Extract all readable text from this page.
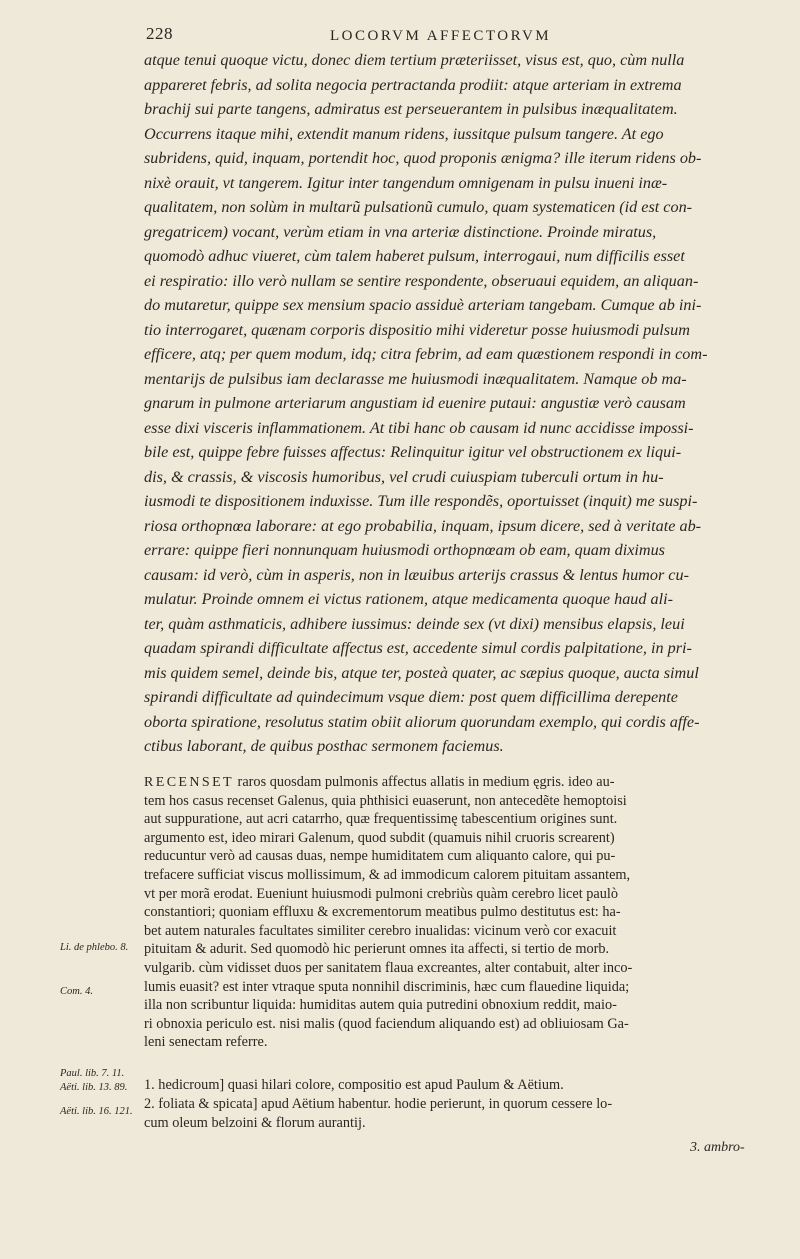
228	LOCORVM AFFECTORVM
atque tenui quoque victu, donec diem tertium præteriisset, visus est, quo, cùm nulla
appareret febris, ad solita negocia pertractanda prodiit: atque arteriam in extrema
brachij sui parte tangens, admiratus est perseuerantem in pulsibus inæqualitatem.
Occurrens itaque mihi, extendit manum ridens, iussitque pulsum tangere. At ego
subridens, quid, inquam, portendit hoc, quod proponis ænigma? ille iterum ridens ob-
nixè orauit, vt tangerem. Igitur inter tangendum omnigenam in pulsu inueni inæ-
qualitatem, non solùm in multarũ pulsationũ cumulo, quam systematicen (id est con-
gregatricem) vocant, verùm etiam in vna arteriæ distinctione. Proinde miratus,
quomodò adhuc viueret, cùm talem haberet pulsum, interrogaui, num difficilis esset
ei respiratio: illo verò nullam se sentire respondente, obseruaui equidem, an aliquan-
do mutaretur, quippe sex mensium spacio assiduè arteriam tangebam. Cumque ab ini-
tio interrogaret, quænam corporis dispositio mihi videretur posse huiusmodi pulsum
efficere, atq; per quem modum, idq; citra febrim, ad eam quæstionem respondi in com-
mentarijs de pulsibus iam declarasse me huiusmodi inæqualitatem. Namque ob ma-
gnarum in pulmone arteriarum angustiam id euenire putaui: angustiæ verò causam
esse dixi visceris inflammationem. At tibi hanc ob causam id nunc accidisse impossi-
bile est, quippe febre fuisses affectus: Relinquitur igitur vel obstructionem ex liqui-
dis, & crassis, & viscosis humoribus, vel crudi cuiuspiam tuberculi ortum in hu-
iusmodi te dispositionem induxisse. Tum ille respondẽs, oportuisset (inquit) me suspi-
riosa orthopnœa laborare: at ego probabilia, inquam, ipsum dicere, sed à veritate ab-
errare: quippe fieri nonnunquam huiusmodi orthopnœam ob eam, quam diximus
causam: id verò, cùm in asperis, non in læuibus arterijs crassus & lentus humor cu-
mulatur. Proinde omnem ei victus rationem, atque medicamenta quoque haud ali-
ter, quàm asthmaticis, adhibere iussimus: deinde sex (vt dixi) mensibus elapsis, leui
quadam spirandi difficultate affectus est, accedente simul cordis palpitatione, in pri-
mis quidem semel, deinde bis, atque ter, posteà quater, ac sæpius quoque, aucta simul
spirandi difficultate ad quindecimum vsque diem: post quem difficillima derepente
oborta spiratione, resolutus statim obiit aliorum quorundam exemplo, qui cordis affe-
ctibus laborant, de quibus posthac sermonem faciemus.
RECENSET raros quosdam pulmonis affectus allatis in medium ęgris. ideo au-
tem hos casus recenset Galenus, quia phthisici euaserunt, non antecedẽte hemoptoisi
aut suppuratione, aut acri catarrho, quæ frequentissimę tabescentium origines sunt.
argumento est, ideo mirari Galenum, quod subdit (quamuis nihil cruoris screarent)
reducuntur verò ad causas duas, nempe humiditatem cum aliquanto calore, qui pu-
trefacere sufficiat viscus mollissimum, & ad immodicum calorem pituitam assantem,
vt per morã erodat. Eueniunt huiusmodi pulmoni crebriùs quàm cerebro licet paulò
constantiori; quoniam effluxu & excrementorum meatibus pulmo destitutus est: ha-
bet autem naturales facultates similiter cerebro inualidas: vicinum verò cor exacuit
pituitam & adurit. Sed quomodò hic perierunt omnes ita affecti, si tertio de morb.
vulgarib. cùm vidisset duos per sanitatem flaua excreantes, alter contabuit, alter inco-
lumis euasit? est inter vtraque sputa nonnihil discriminis, hæc cum flauedine liquida;
illa non scribuntur liquida: humiditas autem quia putredini obnoxium reddit, maio-
ri obnoxia periculo est. nisi malis (quod faciendum aliquando est) ad obliuiosam Ga-
leni senectam referre.
1. hedicroum] quasi hilari colore, compositio est apud Paulum & Aëtium.
2. foliata & spicata] apud Aëtium habentur. hodie perierunt, in quorum cessere lo-
cum oleum belzoini & florum aurantij.
Li. de phlebo. 8.
Com. 4.
Paul. lib. 7. 11.
Aëti. lib. 13. 89.
Aëti. lib. 16. 121.
3. ambro-
